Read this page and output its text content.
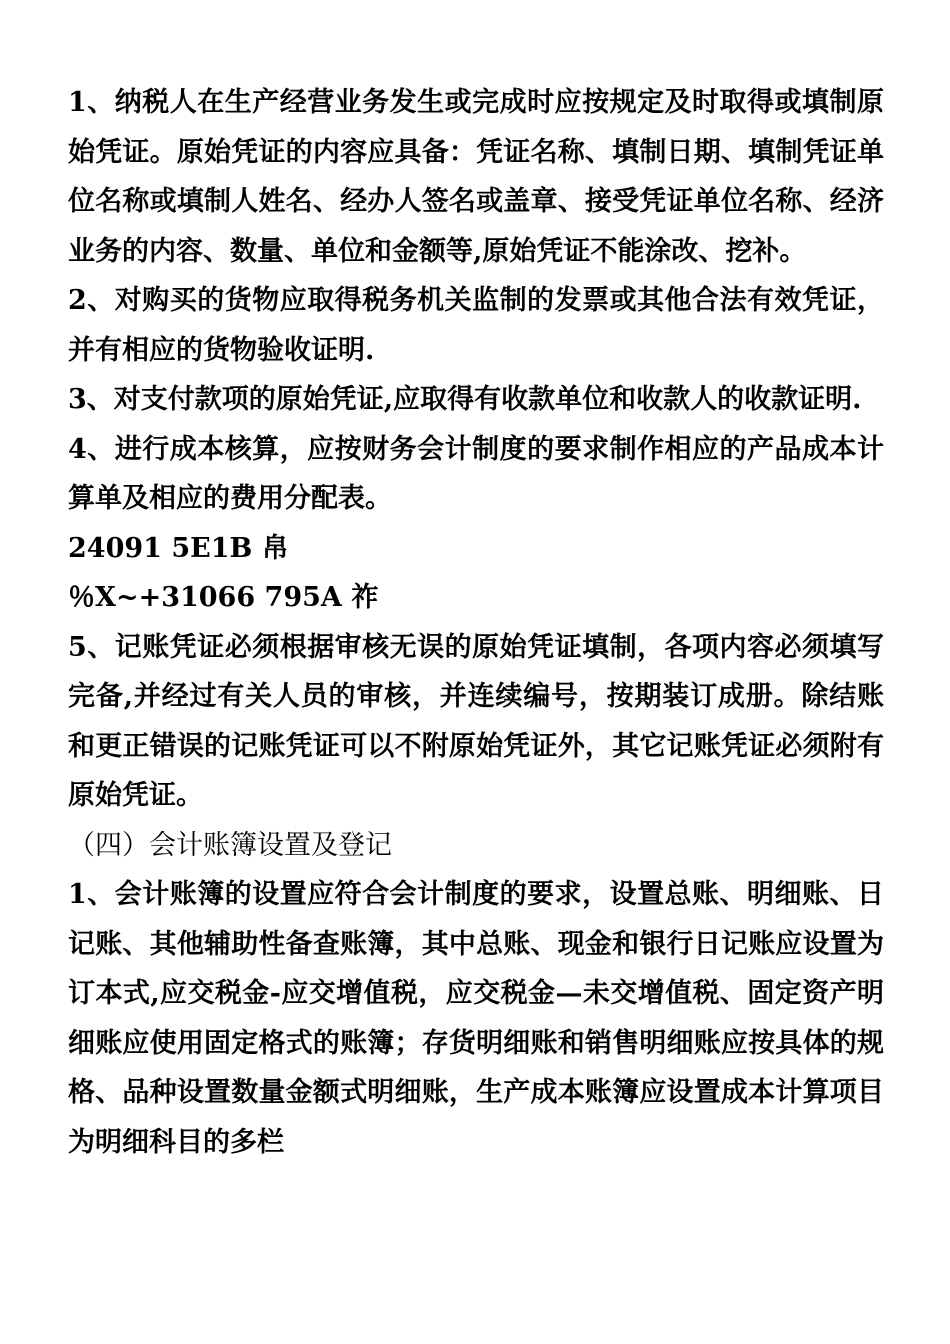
1、纳税人在生产经营业务发生或完成时应按规定及时取得或填制原始凭证。原始凭证的内容应具备：凭证名称、填制日期、填制凭证单位名称或填制人姓名、经办人签名或盖章、接受凭证单位名称、经济业务的内容、数量、单位和金额等,原始凭证不能涂改、挖补。

2、对购买的货物应取得税务机关监制的发票或其他合法有效凭证，并有相应的货物验收证明.

3、对支付款项的原始凭证,应取得有收款单位和收款人的收款证明.

4、进行成本核算，应按财务会计制度的要求制作相应的产品成本计算单及相应的费用分配表。

24091 5E1B 帛

％X~+31066 795A 祚

5、记账凭证必须根据审核无误的原始凭证填制，各项内容必须填写完备,并经过有关人员的审核，并连续编号，按期装订成册。除结账和更正错误的记账凭证可以不附原始凭证外，其它记账凭证必须附有原始凭证。

（四）会计账簿设置及登记

1、会计账簿的设置应符合会计制度的要求，设置总账、明细账、日记账、其他辅助性备查账簿，其中总账、现金和银行日记账应设置为订本式,应交税金-应交增值税，应交税金—未交增值税、固定资产明细账应使用固定格式的账簿；存货明细账和销售明细账应按具体的规格、品种设置数量金额式明细账，生产成本账簿应设置成本计算项目为明细科目的多栏
